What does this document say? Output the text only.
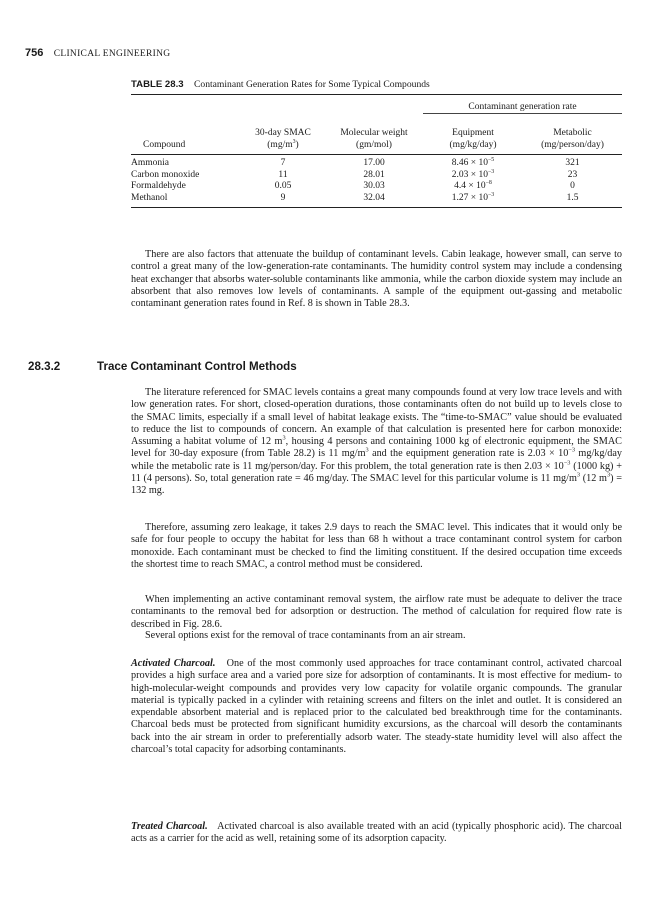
756 CLINICAL ENGINEERING
TABLE 28.3 Contaminant Generation Rates for Some Typical Compounds

			Contaminant generation rate	
	30-day SMAC	Molecular weight	Equipment	Metabolic
Compound	$(mg/m^3)$	(gm/mol)	(mg/kg/day)	(mg/person/day)
Ammonia	7	17.00	$8.46 \times 10^{-5}$	321
Carbon monoxide	11	28.01	$2.03 \times 10^{-3}$	23
Formaldehyde	0.05	30.03	$4.4 \times 10^{-8}$	0
Methanol	9	32.04	$1.27 \times 10^{-3}$	1.5

There are also factors that attenuate the buildup of contaminant levels. Cabin leakage, however small, can serve to control a great many of the low-generation-rate contaminants. The humidity control system may include a condensing heat exchanger that absorbs water-soluble contaminants like ammonia, while the carbon dioxide system may include an absorbent that also removes low levels of contaminants. A sample of the equipment out-gassing and metabolic contaminant generation rates found in Ref. 8 is shown in Table 28.3.

28.3.2	Trace Contaminant Control Methods

The literature referenced for SMAC levels contains a great many compounds found at very low trace levels and with low generation rates. For short, closed-operation durations, those contaminants often do not build up to levels close to the SMAC limits, especially if a small level of habitat leakage exists. The “time-to-SMAC” value should be evaluated to reduce the list to compounds of concern. An example of that calculation is presented here for carbon monoxide: Assuming a habitat volume of 12 $m^3$, housing 4 persons and containing 1000 kg of electronic equipment, the SMAC level for 30-day exposure (from Table 28.2) is 11 $mg/m^3$ and the equipment generation rate is $2.03 \times 10^{-3}$ mg/kg/day while the metabolic rate is 11 mg/person/day. For this problem, the total generation rate is then $2.03 \times 10^{-3}$ (1000 kg) + 11 (4 persons). So, total generation rate = 46 mg/day. The SMAC level for this particular volume is 11 $mg/m^3$ (12 $m^3) = 132$ mg.

Therefore, assuming zero leakage, it takes 2.9 days to reach the SMAC level. This indicates that it would only be safe for four people to occupy the habitat for less than 68 h without a trace contaminant control system for carbon monoxide. Each contaminant must be checked to find the limiting constituent. If the desired occupation time exceeds the shortest time to reach SMAC, a control method must be considered.

When implementing an active contaminant removal system, the airflow rate must be adequate to deliver the trace contaminants to the removal bed for adsorption or destruction. The method of calculation for required flow rate is described in Fig. 28.6.

Several options exist for the removal of trace contaminants from an air stream.

Activated Charcoal. One of the most commonly used approaches for trace contaminant control, activated charcoal provides a high surface area and a varied pore size for adsorption of contaminants. It is most effective for medium- to high-molecular-weight compounds and provides very low capacity for volatile organic compounds. The granular material is typically packed in a cylinder with retaining screens and filters on the inlet and outlet. It is considered an expendable absorbent material and is replaced prior to the calculated bed breakthrough time for the contaminants. Charcoal beds must be protected from significant humidity excursions, as the charcoal will desorb the contaminants back into the air stream in order to preferentially adsorb water. The steady-state humidity level will also affect the charcoal’s total capacity for adsorbing contaminants.

Treated Charcoal. Activated charcoal is also available treated with an acid (typically phosphoric acid). The charcoal acts as a carrier for the acid as well, retaining some of its adsorption capacity.
